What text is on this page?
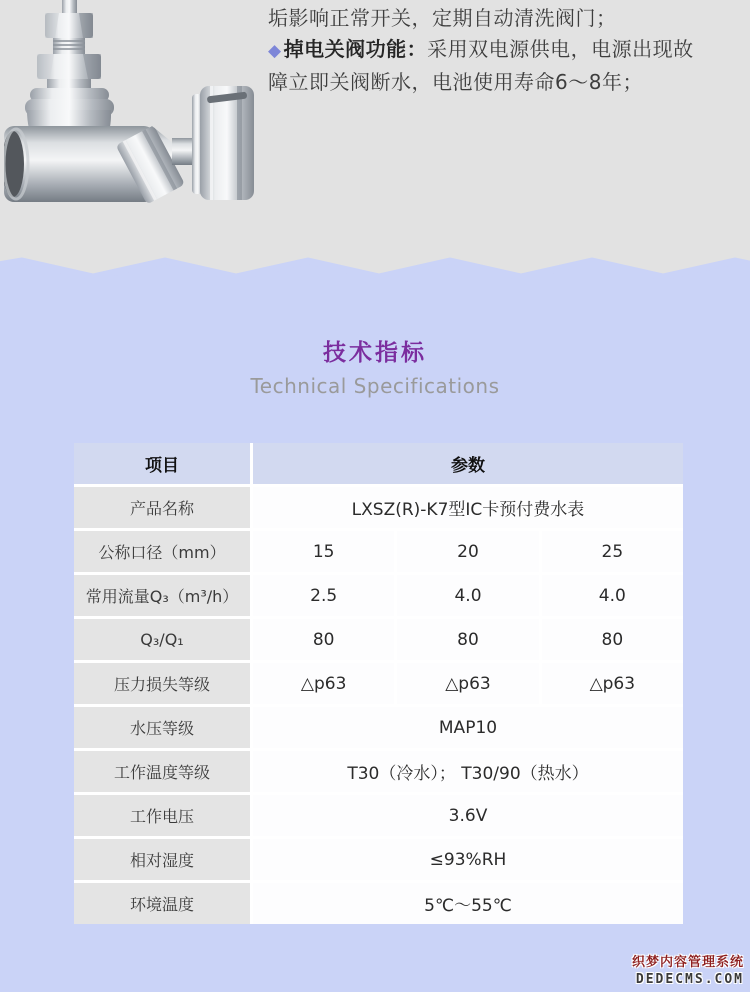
垢影响正常开关，定期自动清洗阀门；
◆ 掉电关阀功能：采用双电源供电，电源出现故
障立即关阀断水，电池使用寿命6～8年；
技术指标
Technical Specifications
项目	参数
产品名称	LXSZ(R)-K7型IC卡预付费水表
公称口径（mm）	15	20	25
常用流量Q₃（m³/h）	2.5	4.0	4.0
Q₃/Q₁	80	80	80
压力损失等级	△p63	△p63	△p63
水压等级	MAP10
工作温度等级	T30（冷水）； T30/90（热水）
工作电压	3.6V
相对湿度	≤93%RH
环境温度	5℃～55℃
织梦内容管理系统
DEDECMS.COM
